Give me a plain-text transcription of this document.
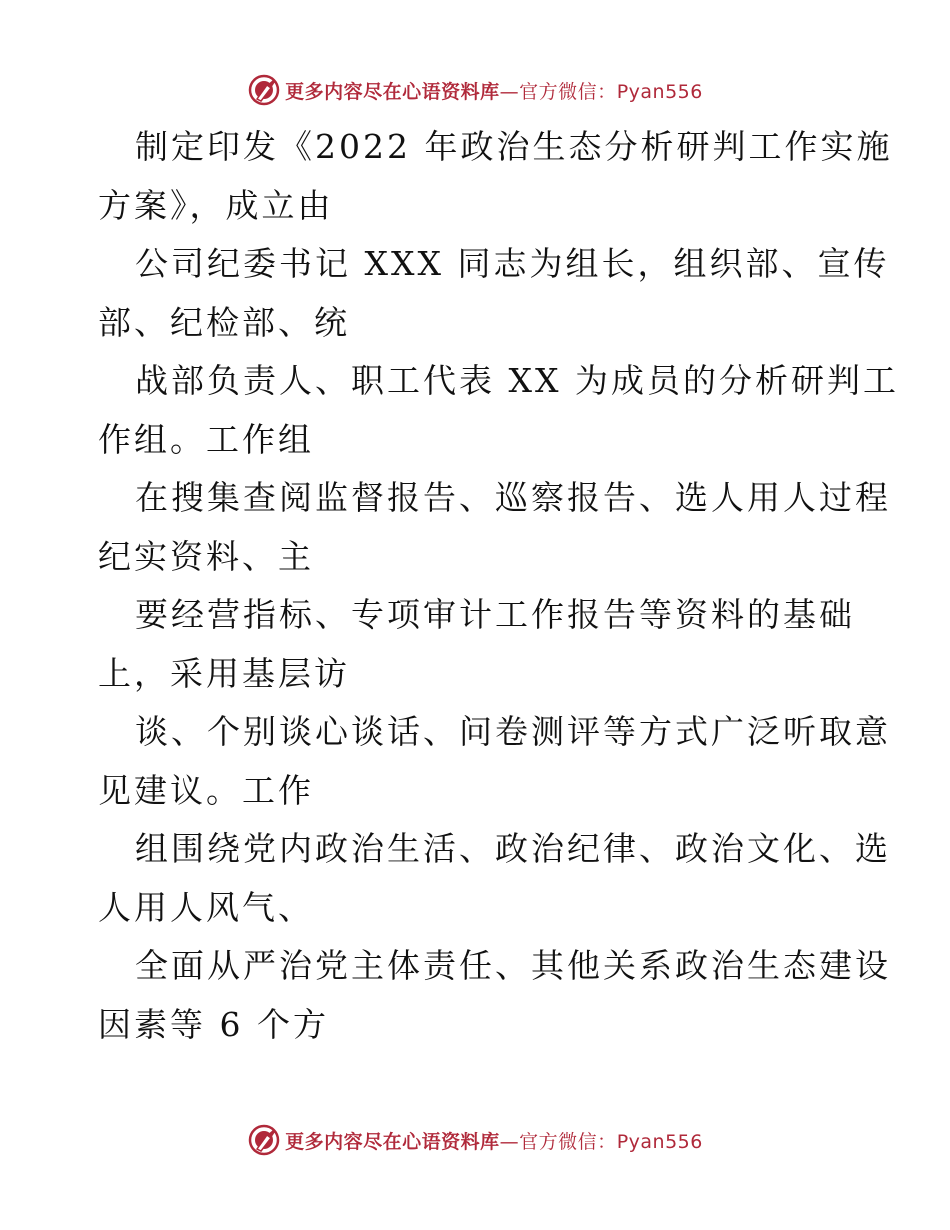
更多内容尽在心语资料库—官方微信：Pyan556
制定印发《2022 年政治生态分析研判工作实施
方案》，成立由
公司纪委书记 XXX 同志为组长，组织部、宣传
部、纪检部、统
战部负责人、职工代表 XX 为成员的分析研判工
作组。工作组
在搜集查阅监督报告、巡察报告、选人用人过程
纪实资料、主
要经营指标、专项审计工作报告等资料的基础
上，采用基层访
谈、个别谈心谈话、问卷测评等方式广泛听取意
见建议。工作
组围绕党内政治生活、政治纪律、政治文化、选
人用人风气、
全面从严治党主体责任、其他关系政治生态建设
因素等 6 个方
更多内容尽在心语资料库—官方微信：Pyan556
